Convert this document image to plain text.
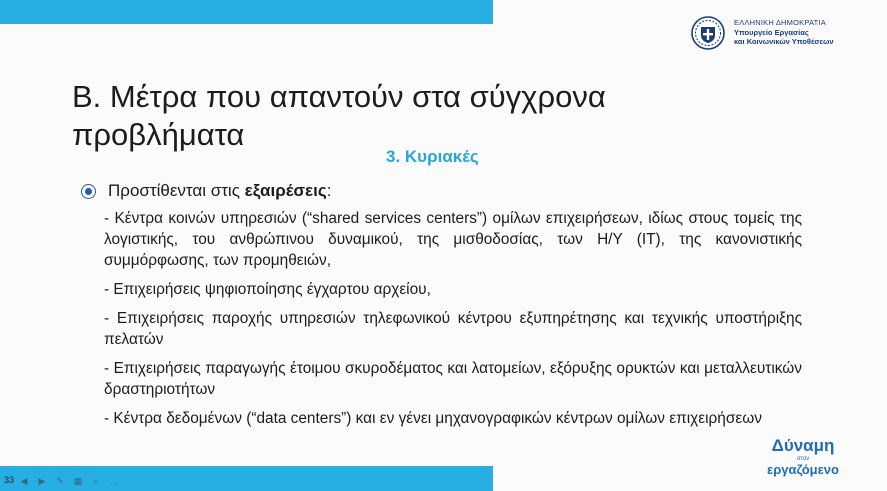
ΕΛΛΗΝΙΚΗ ΔΗΜΟΚΡΑΤΙΑ
Υπουργείο Εργασίας
και Κοινωνικών Υποθέσεων
Β. Μέτρα που απαντούν στα σύγχρονα
προβλήματα
3. Κυριακές
Προστίθενται στις εξαιρέσεις :
- Κέντρα κοινών υπηρεσιών (“shared services centers”) ομίλων επιχειρήσεων, ιδίως στους τομείς της λογιστικής, του ανθρώπινου δυναμικού, της μισθοδοσίας, των Η/Υ (IT), της κανονιστικής συμμόρφωσης, των προμηθειών,
- Επιχειρήσεις ψηφιοποίησης έγχαρτου αρχείου,
- Επιχειρήσεις παροχής υπηρεσιών τηλεφωνικού κέντρου εξυπηρέτησης και τεχνικής υποστήριξης πελατών
- Επιχειρήσεις παραγωγής έτοιμου σκυροδέματος και λατομείων, εξόρυξης ορυκτών και μεταλλευτικών δραστηριοτήτων
- Κέντρα δεδομένων (“data centers”) και εν γένει μηχανογραφικών κέντρων ομίλων επιχειρήσεων
33 ◀ ▶ ✎ ▦	⌕	…
Δύναμη
στον
εργαζόμενο
